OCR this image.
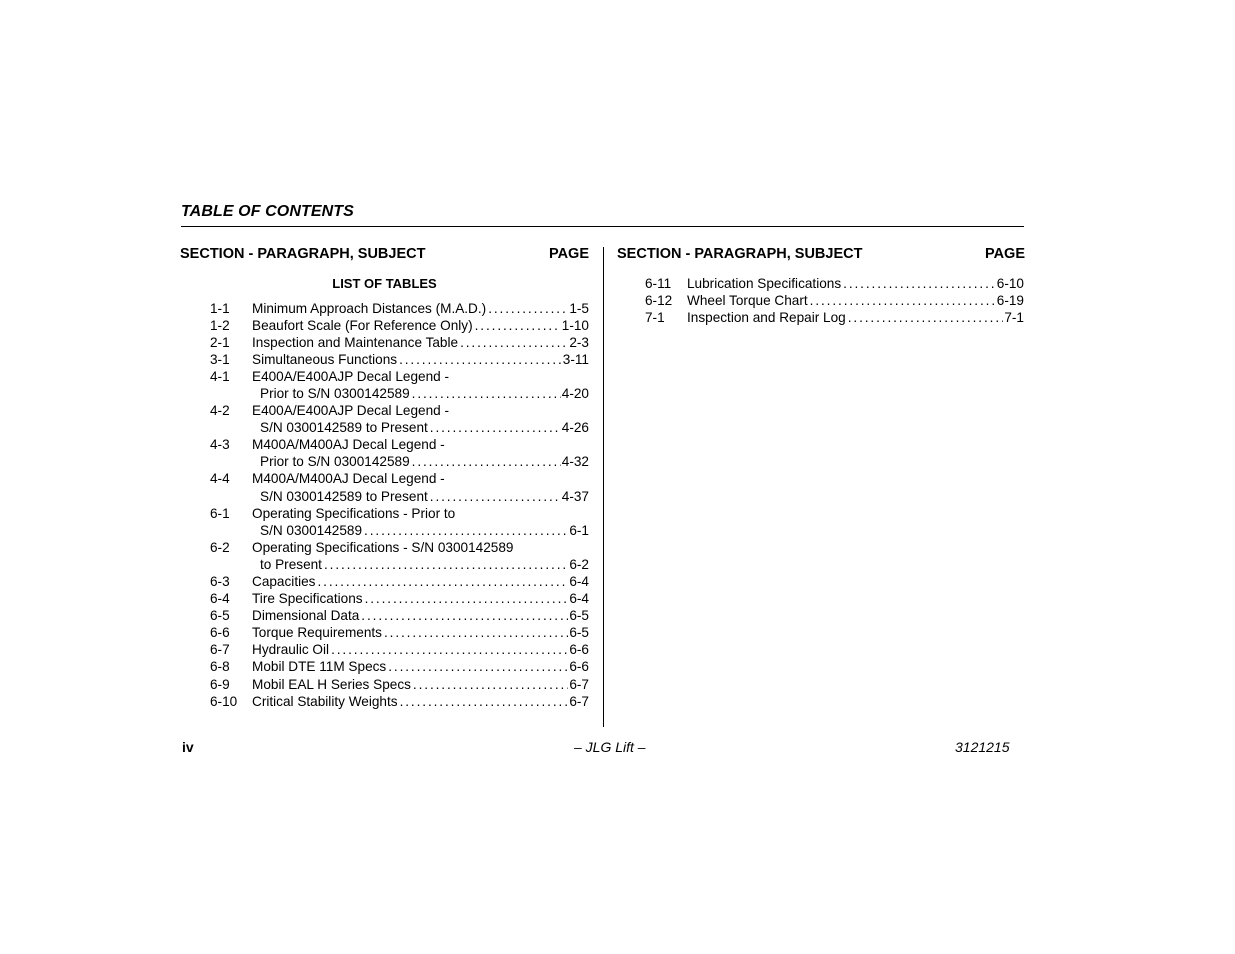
TABLE OF CONTENTS
SECTION - PARAGRAPH, SUBJECT	PAGE SECTION - PARAGRAPH, SUBJECT	PAGE
LIST OF TABLES
1-1 Minimum Approach Distances (M.A.D.) .....	1-5
1-2 Beaufort Scale (For Reference Only) .....	1-10
2-1 Inspection and Maintenance Table .....	2-3
3-1 Simultaneous Functions .....	3-11
4-1 E400A/E400AJP Decal Legend -
Prior to S/N 0300142589 .....	4-20
4-2 E400A/E400AJP Decal Legend -
S/N 0300142589 to Present .....	4-26
4-3 M400A/M400AJ Decal Legend -
Prior to S/N 0300142589 .....	4-32
4-4 M400A/M400AJ Decal Legend -
S/N 0300142589 to Present .....	4-37
6-1 Operating Specifications - Prior to
S/N 0300142589 .....	6-1
6-2 Operating Specifications - S/N 0300142589
to Present .....	6-2
6-3 Capacities .....	6-4
6-4 Tire Specifications .....	6-4
6-5 Dimensional Data .....	6-5
6-6 Torque Requirements .....	6-5
6-7 Hydraulic Oil .....	6-6
6-8 Mobil DTE 11M Specs .....	6-6
6-9 Mobil EAL H Series Specs .....	6-7
6-10 Critical Stability Weights .....	6-7
6-11 Lubrication Specifications .....	6-10
6-12 Wheel Torque Chart .....	6-19
7-1 Inspection and Repair Log .....	7-1
iv	– JLG Lift –	3121215
